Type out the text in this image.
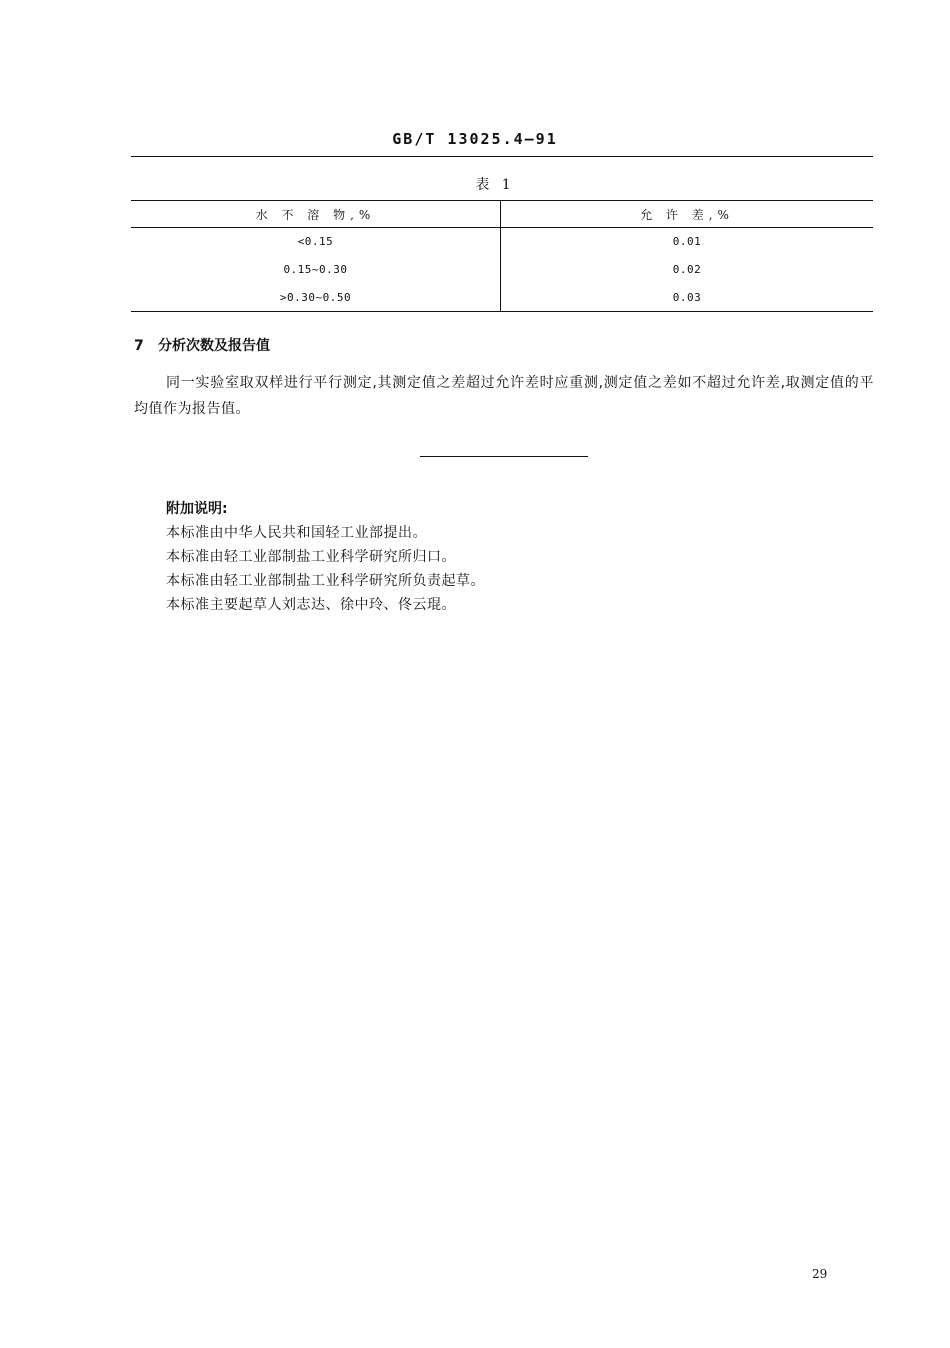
GB/T 13025.4—91
表 1
水 不 溶 物,%	允 许 差,%
<0.15	0.01
0.15~0.30	0.02
>0.30~0.50	0.03
7 分析次数及报告值
同一实验室取双样进行平行测定,其测定值之差超过允许差时应重测,测定值之差如不超过允许差,取测定值的平均值作为报告值。
附加说明:
本标准由中华人民共和国轻工业部提出。
本标准由轻工业部制盐工业科学研究所归口。
本标准由轻工业部制盐工业科学研究所负责起草。
本标准主要起草人刘志达、徐中玲、佟云琨。
29
